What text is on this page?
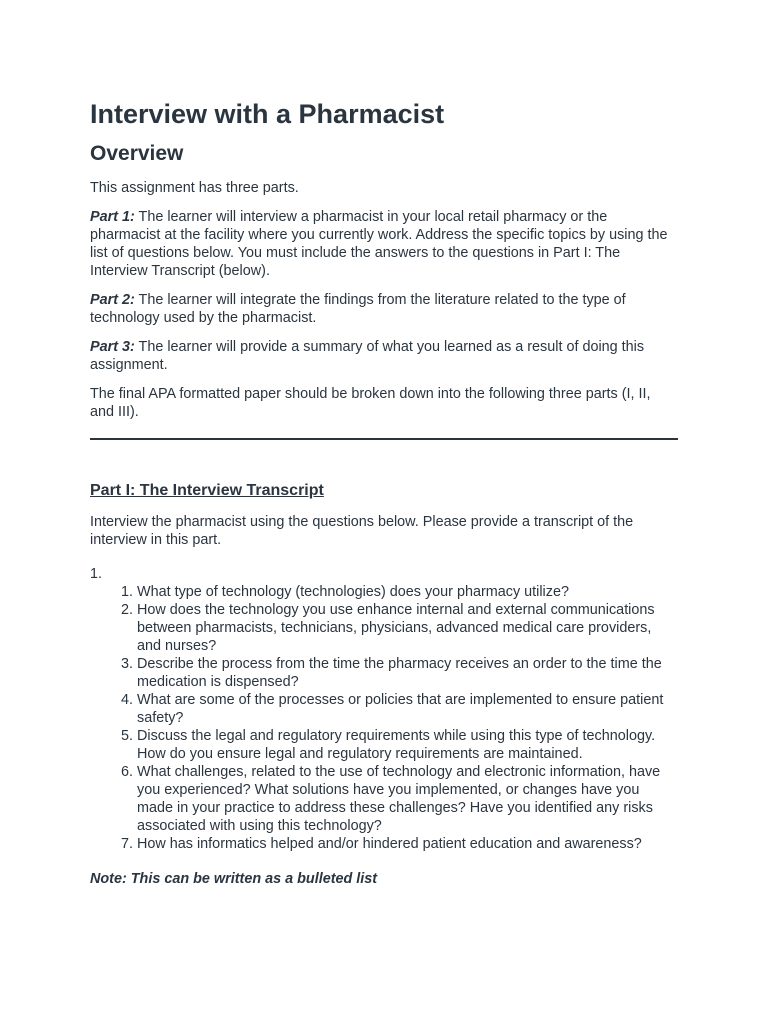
Interview with a Pharmacist
Overview

This assignment has three parts.

Part 1: The learner will interview a pharmacist in your local retail pharmacy or the pharmacist at the facility where you currently work. Address the specific topics by using the list of questions below. You must include the answers to the questions in Part I: The Interview Transcript (below).

Part 2: The learner will integrate the findings from the literature related to the type of technology used by the pharmacist.

Part 3: The learner will provide a summary of what you learned as a result of doing this assignment.

The final APA formatted paper should be broken down into the following three parts (I, II, and III).

Part I: The Interview Transcript

Interview the pharmacist using the questions below. Please provide a transcript of the interview in this part.

1.
1. What type of technology (technologies) does your pharmacy utilize?
2. How does the technology you use enhance internal and external communications between pharmacists, technicians, physicians, advanced medical care providers, and nurses?
3. Describe the process from the time the pharmacy receives an order to the time the medication is dispensed?
4. What are some of the processes or policies that are implemented to ensure patient safety?
5. Discuss the legal and regulatory requirements while using this type of technology. How do you ensure legal and regulatory requirements are maintained.
6. What challenges, related to the use of technology and electronic information, have you experienced? What solutions have you implemented, or changes have you made in your practice to address these challenges? Have you identified any risks associated with using this technology?
7. How has informatics helped and/or hindered patient education and awareness?

Note: This can be written as a bulleted list
